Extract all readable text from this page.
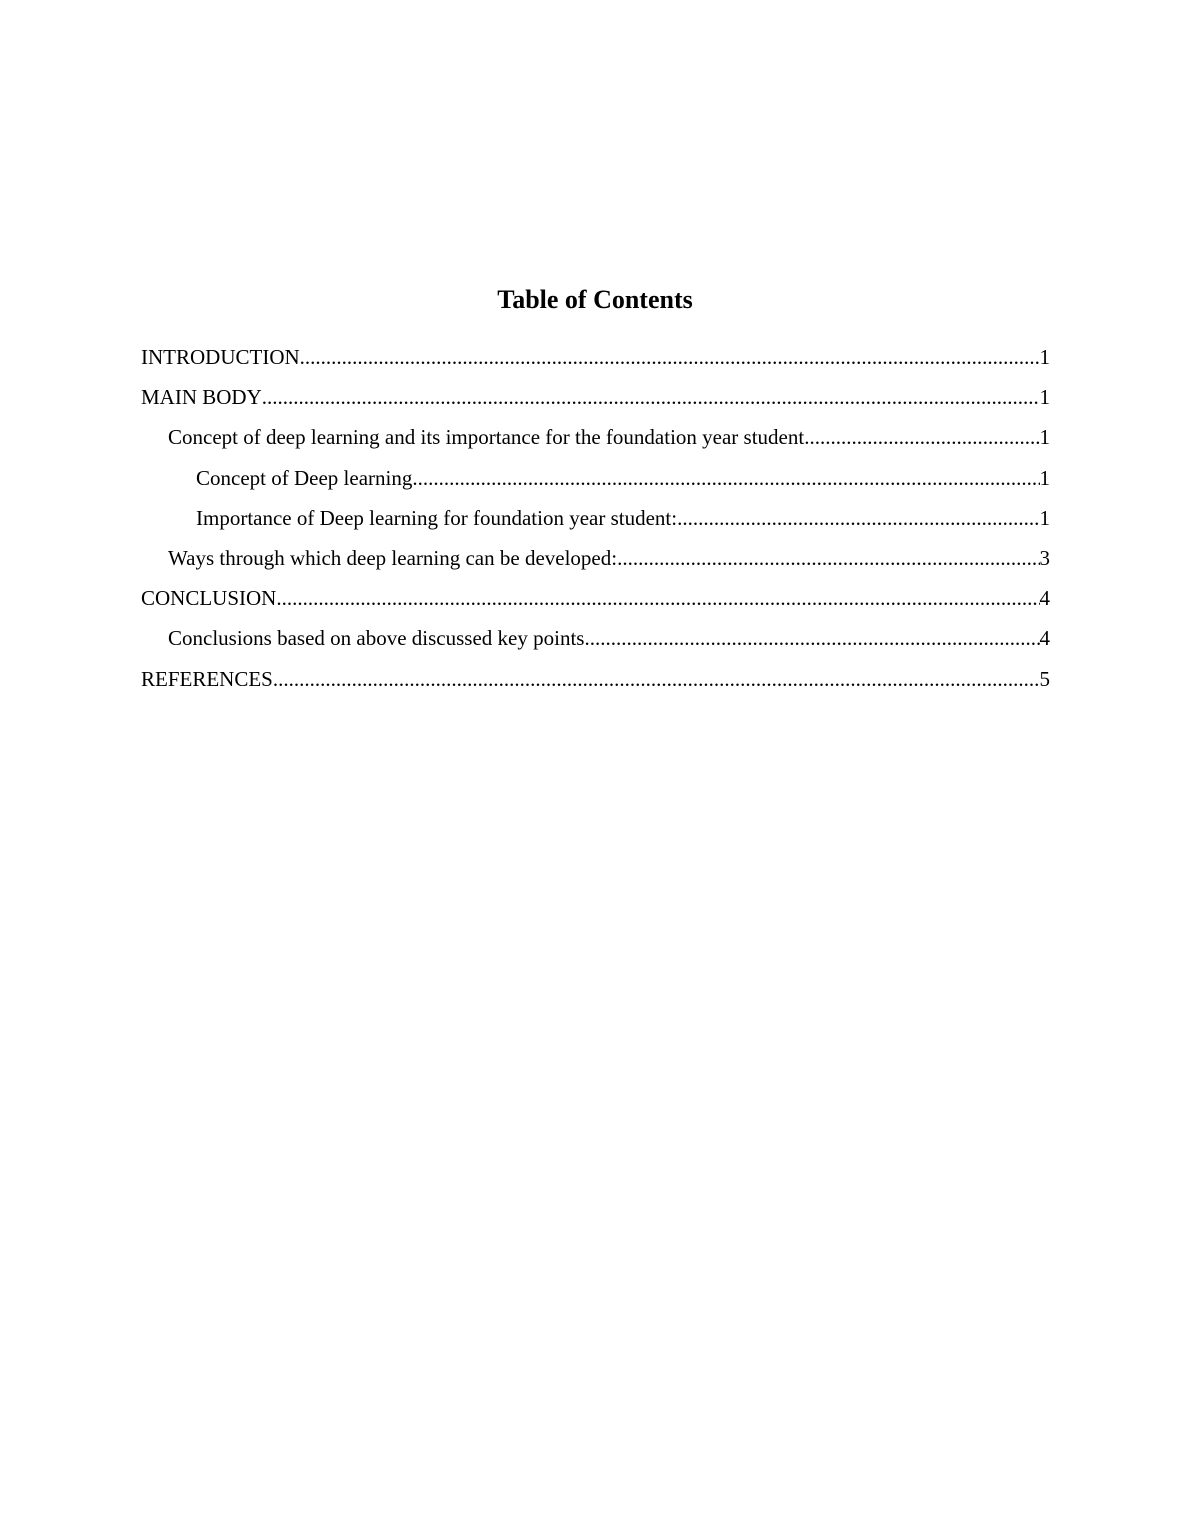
Table of Contents
INTRODUCTION .....	1
MAIN BODY .....	1
Concept of deep learning and its importance for the foundation year student .....	1
Concept of Deep learning .....	1
Importance of Deep learning for foundation year student: .....	1
Ways through which deep learning can be developed: .....	3
CONCLUSION .....	4
Conclusions based on above discussed key points .....	4
REFERENCES .....	5
